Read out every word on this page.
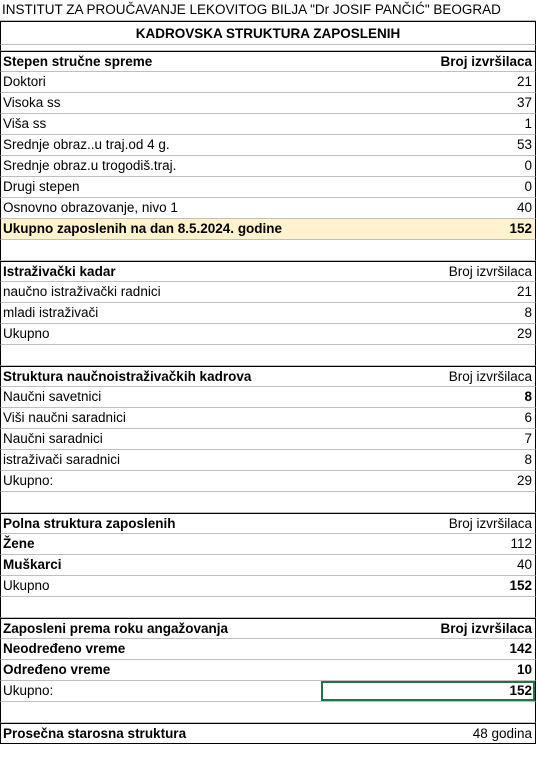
INSTITUT ZA PROUČAVANJE LEKOVITOG BILJA "Dr JOSIF PANČIĆ" BEOGRAD
KADROVSKA STRUKTURA ZAPOSLENIH
Stepen stručne spreme	Broj izvršilaca
Doktori	21
Visoka ss	37
Viša ss	1
Srednje obraz..u traj.od 4 g.	53
Srednje obraz.u trogodiš.traj.	0
Drugi stepen	0
Osnovno obrazovanje, nivo 1	40
Ukupno zaposlenih na dan 8.5.2024. godine	152
Istraživački kadar	Broj izvršilaca
naučno istraživački radnici	21
mladi istraživači	8
Ukupno	29
Struktura naučnoistraživačkih kadrova	Broj izvršilaca
Naučni savetnici	8
Viši naučni saradnici	6
Naučni saradnici	7
istraživači saradnici	8
Ukupno:	29
Polna struktura zaposlenih	Broj izvršilaca
Žene	112
Muškarci	40
Ukupno	152
Zaposleni prema roku angažovanja	Broj izvršilaca
Neodređeno vreme	142
Određeno vreme	10
Ukupno:	152
Prosečna starosna struktura	48 godina
